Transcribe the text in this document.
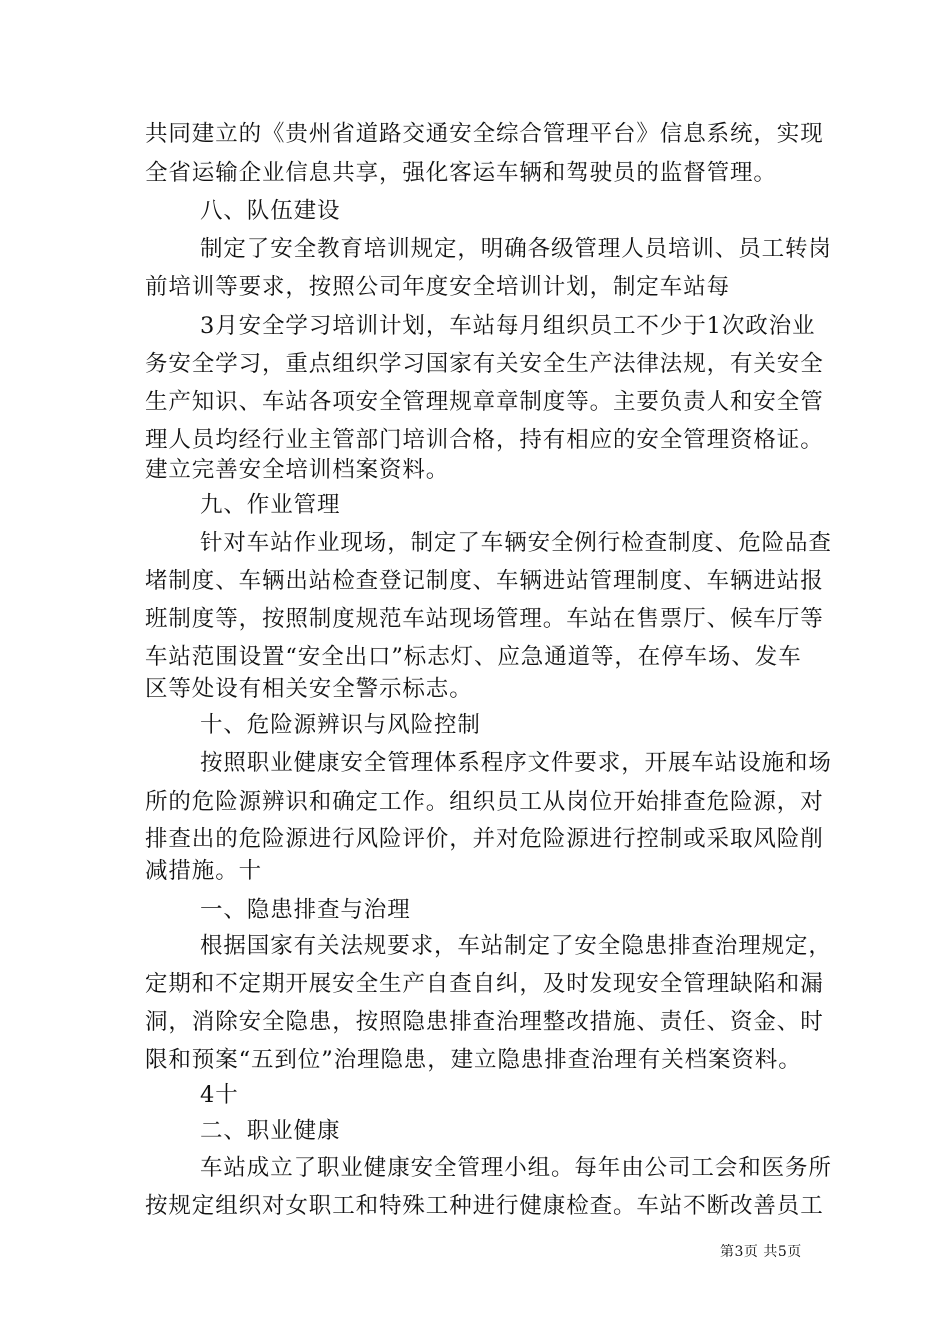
共同建立的《贵州省道路交通安全综合管理平台》信息系统，实现
全省运输企业信息共享，强化客运车辆和驾驶员的监督管理。
八、队伍建设
制定了安全教育培训规定，明确各级管理人员培训、员工转岗
前培训等要求，按照公司年度安全培训计划，制定车站每
3月安全学习培训计划，车站每月组织员工不少于1次政治业
务安全学习，重点组织学习国家有关安全生产法律法规，有关安全
生产知识、车站各项安全管理规章章制度等。主要负责人和安全管
理人员均经行业主管部门培训合格，持有相应的安全管理资格证。
建立完善安全培训档案资料。
九、作业管理
针对车站作业现场，制定了车辆安全例行检查制度、危险品查
堵制度、车辆出站检查登记制度、车辆进站管理制度、车辆进站报
班制度等，按照制度规范车站现场管理。车站在售票厅、候车厅等
车站范围设置“安全出口”标志灯、应急通道等，在停车场、发车
区等处设有相关安全警示标志。
十、危险源辨识与风险控制
按照职业健康安全管理体系程序文件要求，开展车站设施和场
所的危险源辨识和确定工作。组织员工从岗位开始排查危险源，对
排查出的危险源进行风险评价，并对危险源进行控制或采取风险削
减措施。十
一、隐患排查与治理
根据国家有关法规要求，车站制定了安全隐患排查治理规定，
定期和不定期开展安全生产自查自纠，及时发现安全管理缺陷和漏
洞，消除安全隐患，按照隐患排查治理整改措施、责任、资金、时
限和预案“五到位”治理隐患，建立隐患排查治理有关档案资料。
4十
二、职业健康
车站成立了职业健康安全管理小组。每年由公司工会和医务所
按规定组织对女职工和特殊工种进行健康检查。车站不断改善员工
第3页 共5页
